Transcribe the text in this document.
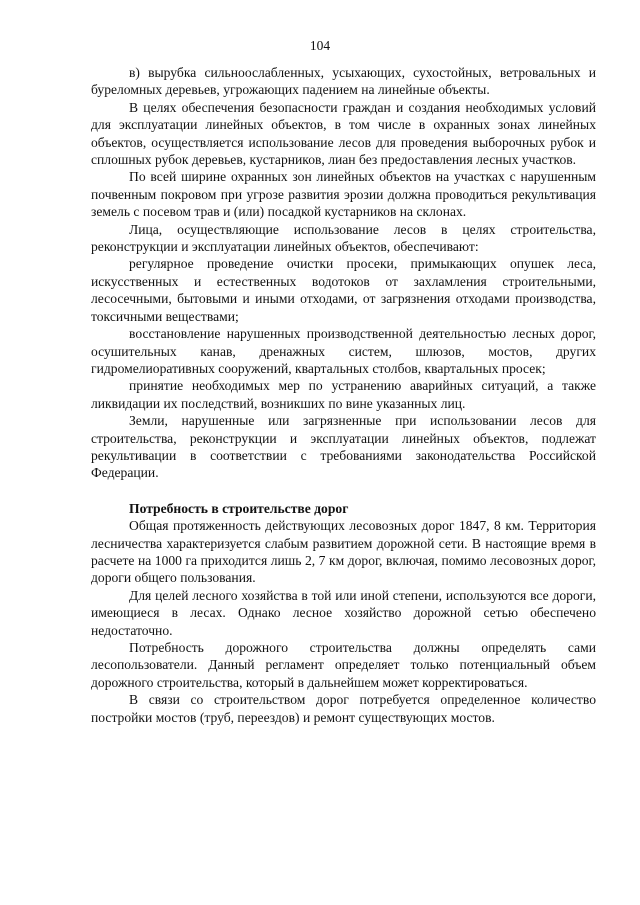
104

в) вырубка сильноослабленных, усыхающих, сухостойных, ветровальных и буреломных деревьев, угрожающих падением на линейные объекты.

В целях обеспечения безопасности граждан и создания необходимых условий для эксплуатации линейных объектов, в том числе в охранных зонах линейных объектов, осуществляется использование лесов для проведения выборочных рубок и сплошных рубок деревьев, кустарников, лиан без предоставления лесных участков.

По всей ширине охранных зон линейных объектов на участках с нарушенным почвенным покровом при угрозе развития эрозии должна проводиться рекультивация земель с посевом трав и (или) посадкой кустарников на склонах.

Лица, осуществляющие использование лесов в целях строительства, реконструкции и эксплуатации линейных объектов, обеспечивают:

регулярное проведение очистки просеки, примыкающих опушек леса, искусственных и естественных водотоков от захламления строительными, лесосечными, бытовыми и иными отходами, от загрязнения отходами производства, токсичными веществами;

восстановление нарушенных производственной деятельностью лесных дорог, осушительных канав, дренажных систем, шлюзов, мостов, других гидромелиоративных сооружений, квартальных столбов, квартальных просек;

принятие необходимых мер по устранению аварийных ситуаций, а также ликвидации их последствий, возникших по вине указанных лиц.

Земли, нарушенные или загрязненные при использовании лесов для строительства, реконструкции и эксплуатации линейных объектов, подлежат рекультивации в соответствии с требованиями законодательства Российской Федерации.

Потребность в строительстве дорог

Общая протяженность действующих лесовозных дорог 1847, 8 км. Территория лесничества характеризуется слабым развитием дорожной сети. В настоящие время в расчете на 1000 га приходится лишь 2, 7 км дорог, включая, помимо лесовозных дорог, дороги общего пользования.

Для целей лесного хозяйства в той или иной степени, используются все дороги, имеющиеся в лесах. Однако лесное хозяйство дорожной сетью обеспечено недостаточно.

Потребность дорожного строительства должны определять сами лесопользователи. Данный регламент определяет только потенциальный объем дорожного строительства, который в дальнейшем может корректироваться.

В связи со строительством дорог потребуется определенное количество постройки мостов (труб, переездов) и ремонт существующих мостов.
